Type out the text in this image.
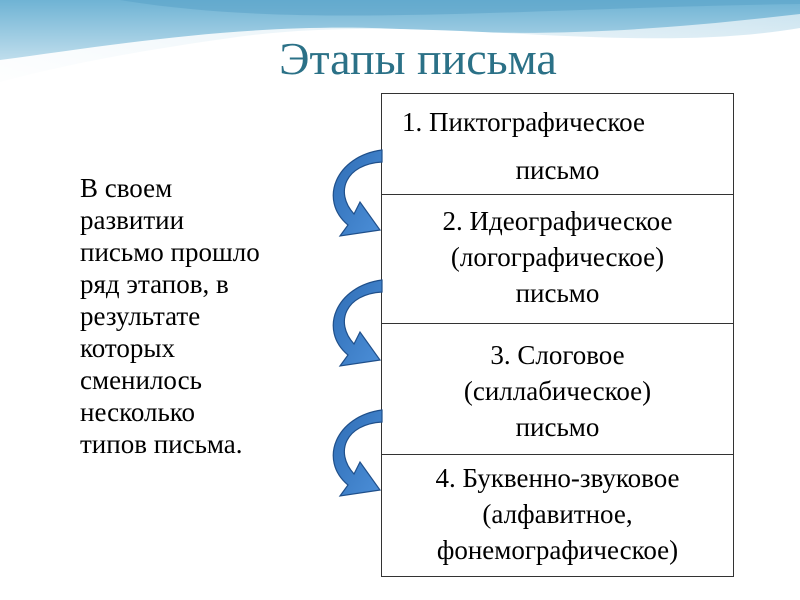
Этапы письма
В своем
развитии
письмо прошло
ряд этапов, в
результате
которых
сменилось
несколько
типов письма.
1. Пиктографическое
письмо
2. Идеографическое
(логографическое)
письмо
3. Слоговое
(силлабическое)
письмо
4. Буквенно-звуковое
(алфавитное,
фонемографическое)
